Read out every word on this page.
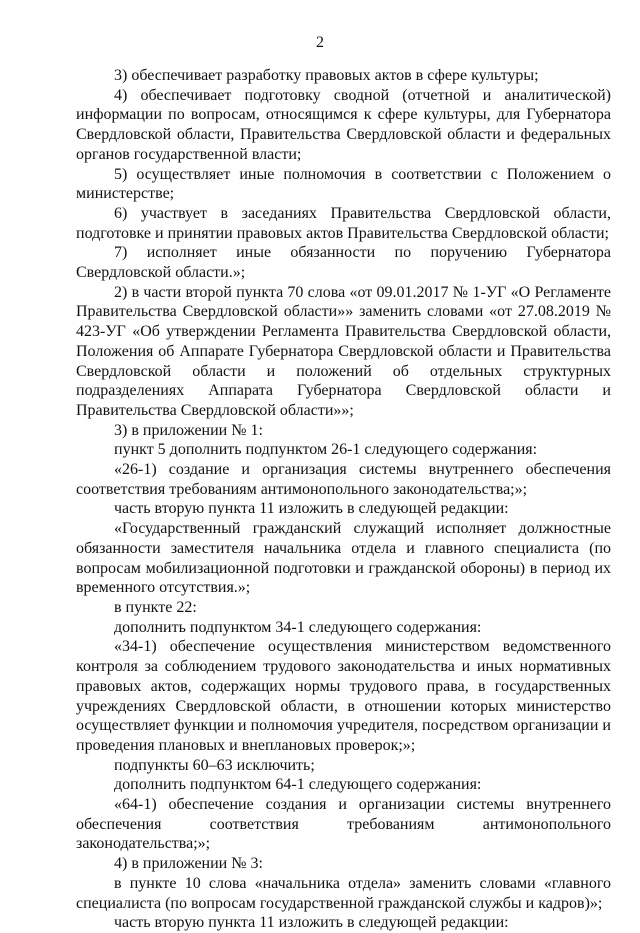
2

3) обеспечивает разработку правовых актов в сфере культуры;

4) обеспечивает подготовку сводной (отчетной и аналитической) информации по вопросам, относящимся к сфере культуры, для Губернатора Свердловской области, Правительства Свердловской области и федеральных органов государственной власти;

5) осуществляет иные полномочия в соответствии с Положением о министерстве;

6) участвует в заседаниях Правительства Свердловской области, подготовке и принятии правовых актов Правительства Свердловской области;

7) исполняет иные обязанности по поручению Губернатора Свердловской области.»;

2) в части второй пункта 70 слова «от 09.01.2017 № 1-УГ «О Регламенте Правительства Свердловской области»» заменить словами «от 27.08.2019 № 423-УГ «Об утверждении Регламента Правительства Свердловской области, Положения об Аппарате Губернатора Свердловской области и Правительства Свердловской области и положений об отдельных структурных подразделениях Аппарата Губернатора Свердловской области и Правительства Свердловской области»»;

3) в приложении № 1:

пункт 5 дополнить подпунктом 26-1 следующего содержания:

«26-1) создание и организация системы внутреннего обеспечения соответствия требованиям антимонопольного законодательства;»;

часть вторую пункта 11 изложить в следующей редакции:

«Государственный гражданский служащий исполняет должностные обязанности заместителя начальника отдела и главного специалиста (по вопросам мобилизационной подготовки и гражданской обороны) в период их временного отсутствия.»;

в пункте 22:

дополнить подпунктом 34-1 следующего содержания:

«34-1) обеспечение осуществления министерством ведомственного контроля за соблюдением трудового законодательства и иных нормативных правовых актов, содержащих нормы трудового права, в государственных учреждениях Свердловской области, в отношении которых министерство осуществляет функции и полномочия учредителя, посредством организации и проведения плановых и внеплановых проверок;»;

подпункты 60–63 исключить;

дополнить подпунктом 64-1 следующего содержания:

«64-1) обеспечение создания и организации системы внутреннего обеспечения соответствия требованиям антимонопольного законодательства;»;

4) в приложении № 3:

в пункте 10 слова «начальника отдела» заменить словами «главного специалиста (по вопросам государственной гражданской службы и кадров)»;

часть вторую пункта 11 изложить в следующей редакции:
